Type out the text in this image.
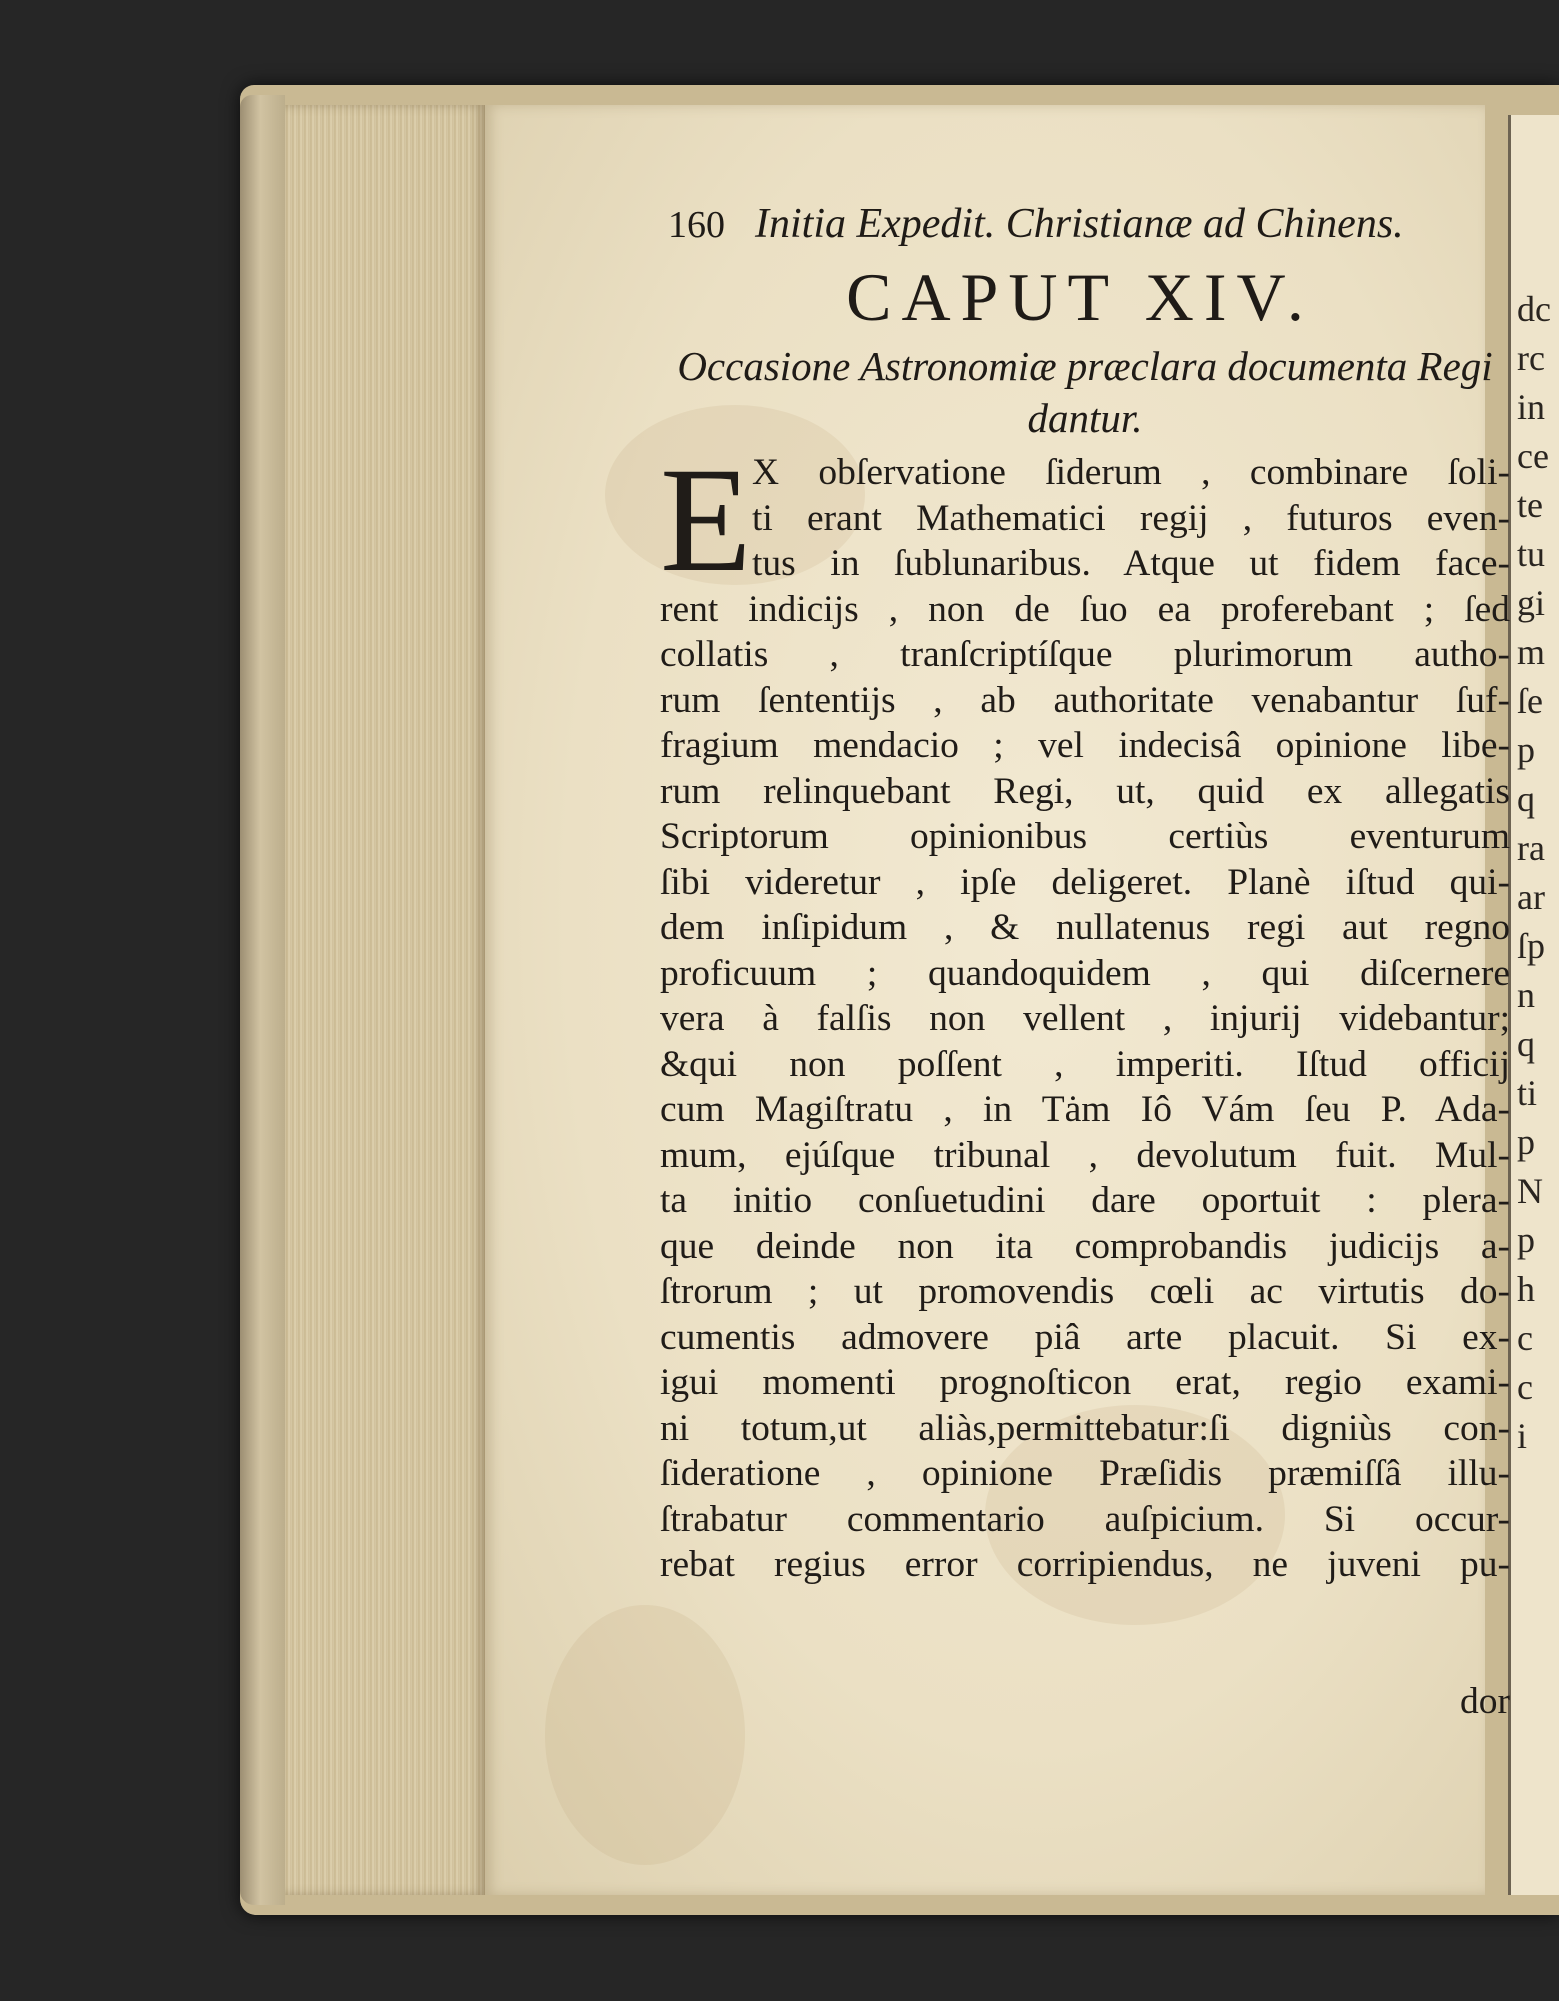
dc
rc
in
ce
te
tu
gi
m
ſe
p
q
ra
ar
ſp
n
q
ti
p
N
p
h
c
c
i
160 Initia Expedit. Christianæ ad Chinens.
CAPUT XIV.
Occasione Astronomiæ præclara documenta Regi
dantur.
E X obſervatione ſiderum , combinare ſoli-
ti erant Mathematici regij , futuros even-
tus in ſublunaribus. Atque ut fidem face-
rent indicijs , non de ſuo ea proferebant ; ſed
collatis , tranſcriptíſque plurimorum autho-
rum ſententijs , ab authoritate venabantur ſuf-
fragium mendacio ; vel indecisâ opinione libe-
rum relinquebant Regi, ut, quid ex allegatis
Scriptorum opinionibus certiùs eventurum
ſibi videretur , ipſe deligeret. Planè iſtud qui-
dem inſipidum , & nullatenus regi aut regno
proficuum ; quandoquidem , qui diſcernere
vera à falſis non vellent , injurij videbantur;
&qui non poſſent , imperiti. Iſtud officij
cum Magiſtratu , in Tȧm Iô Vám ſeu P. Ada-
mum, ejúſque tribunal , devolutum fuit. Mul-
ta initio conſuetudini dare oportuit : plera-
que deinde non ita comprobandis judicijs a-
ſtrorum ; ut promovendis cœli ac virtutis do-
cumentis admovere piâ arte placuit. Si ex-
igui momenti prognoſticon erat, regio exami-
ni totum,ut aliàs,permittebatur:ſi digniùs con-
ſideratione , opinione Præſidis præmiſſâ illu-
ſtrabatur commentario auſpicium. Si occur-
rebat regius error corripiendus, ne juveni pu-
dor
